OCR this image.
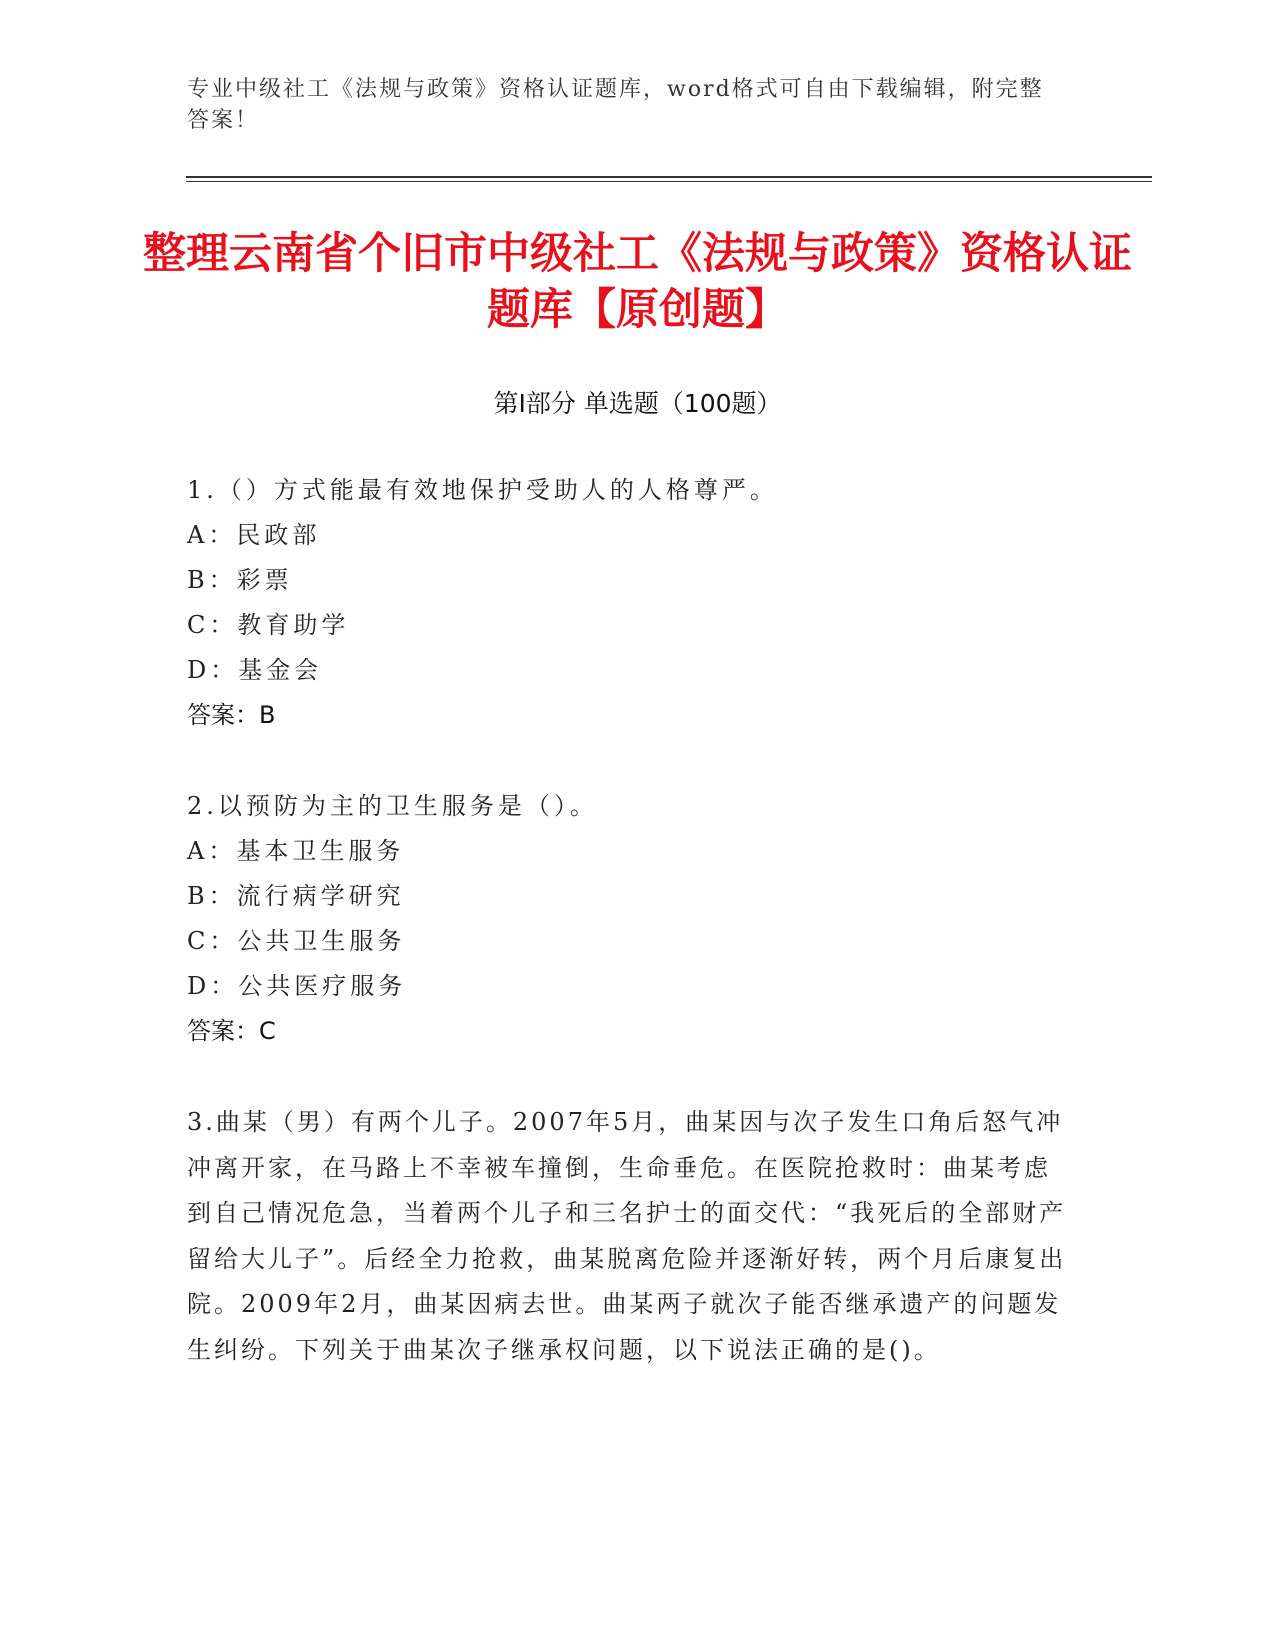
专业中级社工《法规与政策》资格认证题库，word格式可自由下载编辑，附完整答案！
整理云南省个旧市中级社工《法规与政策》资格认证题库【原创题】
第Ⅰ部分 单选题（100题）
1.（）方式能最有效地保护受助人的人格尊严。
A：民政部
B：彩票
C：教育助学
D：基金会
答案：B
2.以预防为主的卫生服务是（）。
A：基本卫生服务
B：流行病学研究
C：公共卫生服务
D：公共医疗服务
答案：C
3.曲某（男）有两个儿子。2007年5月，曲某因与次子发生口角后怒气冲冲离开家，在马路上不幸被车撞倒，生命垂危。在医院抢救时：曲某考虑到自己情况危急，当着两个儿子和三名护士的面交代：“我死后的全部财产留给大儿子”。后经全力抢救，曲某脱离危险并逐渐好转，两个月后康复出院。2009年2月，曲某因病去世。曲某两子就次子能否继承遗产的问题发生纠纷。下列关于曲某次子继承权问题，以下说法正确的是()。
